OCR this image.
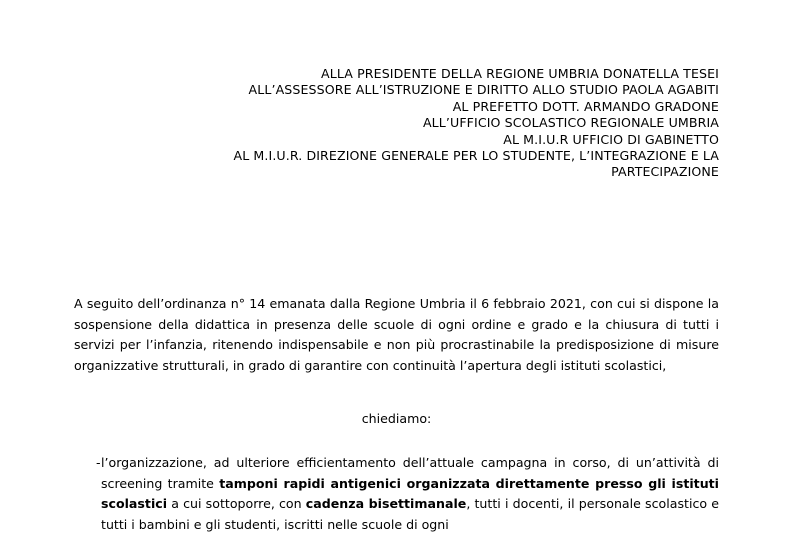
ALLA PRESIDENTE DELLA REGIONE UMBRIA DONATELLA TESEI
ALL’ASSESSORE ALL’ISTRUZIONE E DIRITTO ALLO STUDIO PAOLA AGABITI
AL PREFETTO DOTT. ARMANDO GRADONE
ALL’UFFICIO SCOLASTICO REGIONALE UMBRIA
AL M.I.U.R UFFICIO DI GABINETTO
AL M.I.U.R. DIREZIONE GENERALE PER LO STUDENTE, L’INTEGRAZIONE E LA
PARTECIPAZIONE

A seguito dell’ordinanza n° 14 emanata dalla Regione Umbria il 6 febbraio 2021, con cui si dispone la sospensione della didattica in presenza delle scuole di ogni ordine e grado e la chiusura di tutti i servizi per l’infanzia, ritenendo indispensabile e non più procrastinabile la predisposizione di misure organizzative strutturali, in grado di garantire con continuità l’apertura degli istituti scolastici,

chiediamo:
- l’organizzazione, ad ulteriore efficientamento dell’attuale campagna in corso, di un’attività di screening tramite tamponi rapidi antigenici organizzata direttamente presso gli istituti scolastici a cui sottoporre, con cadenza bisettimanale, tutti i docenti, il personale scolastico e tutti i bambini e gli studenti, iscritti nelle scuole di ogni
